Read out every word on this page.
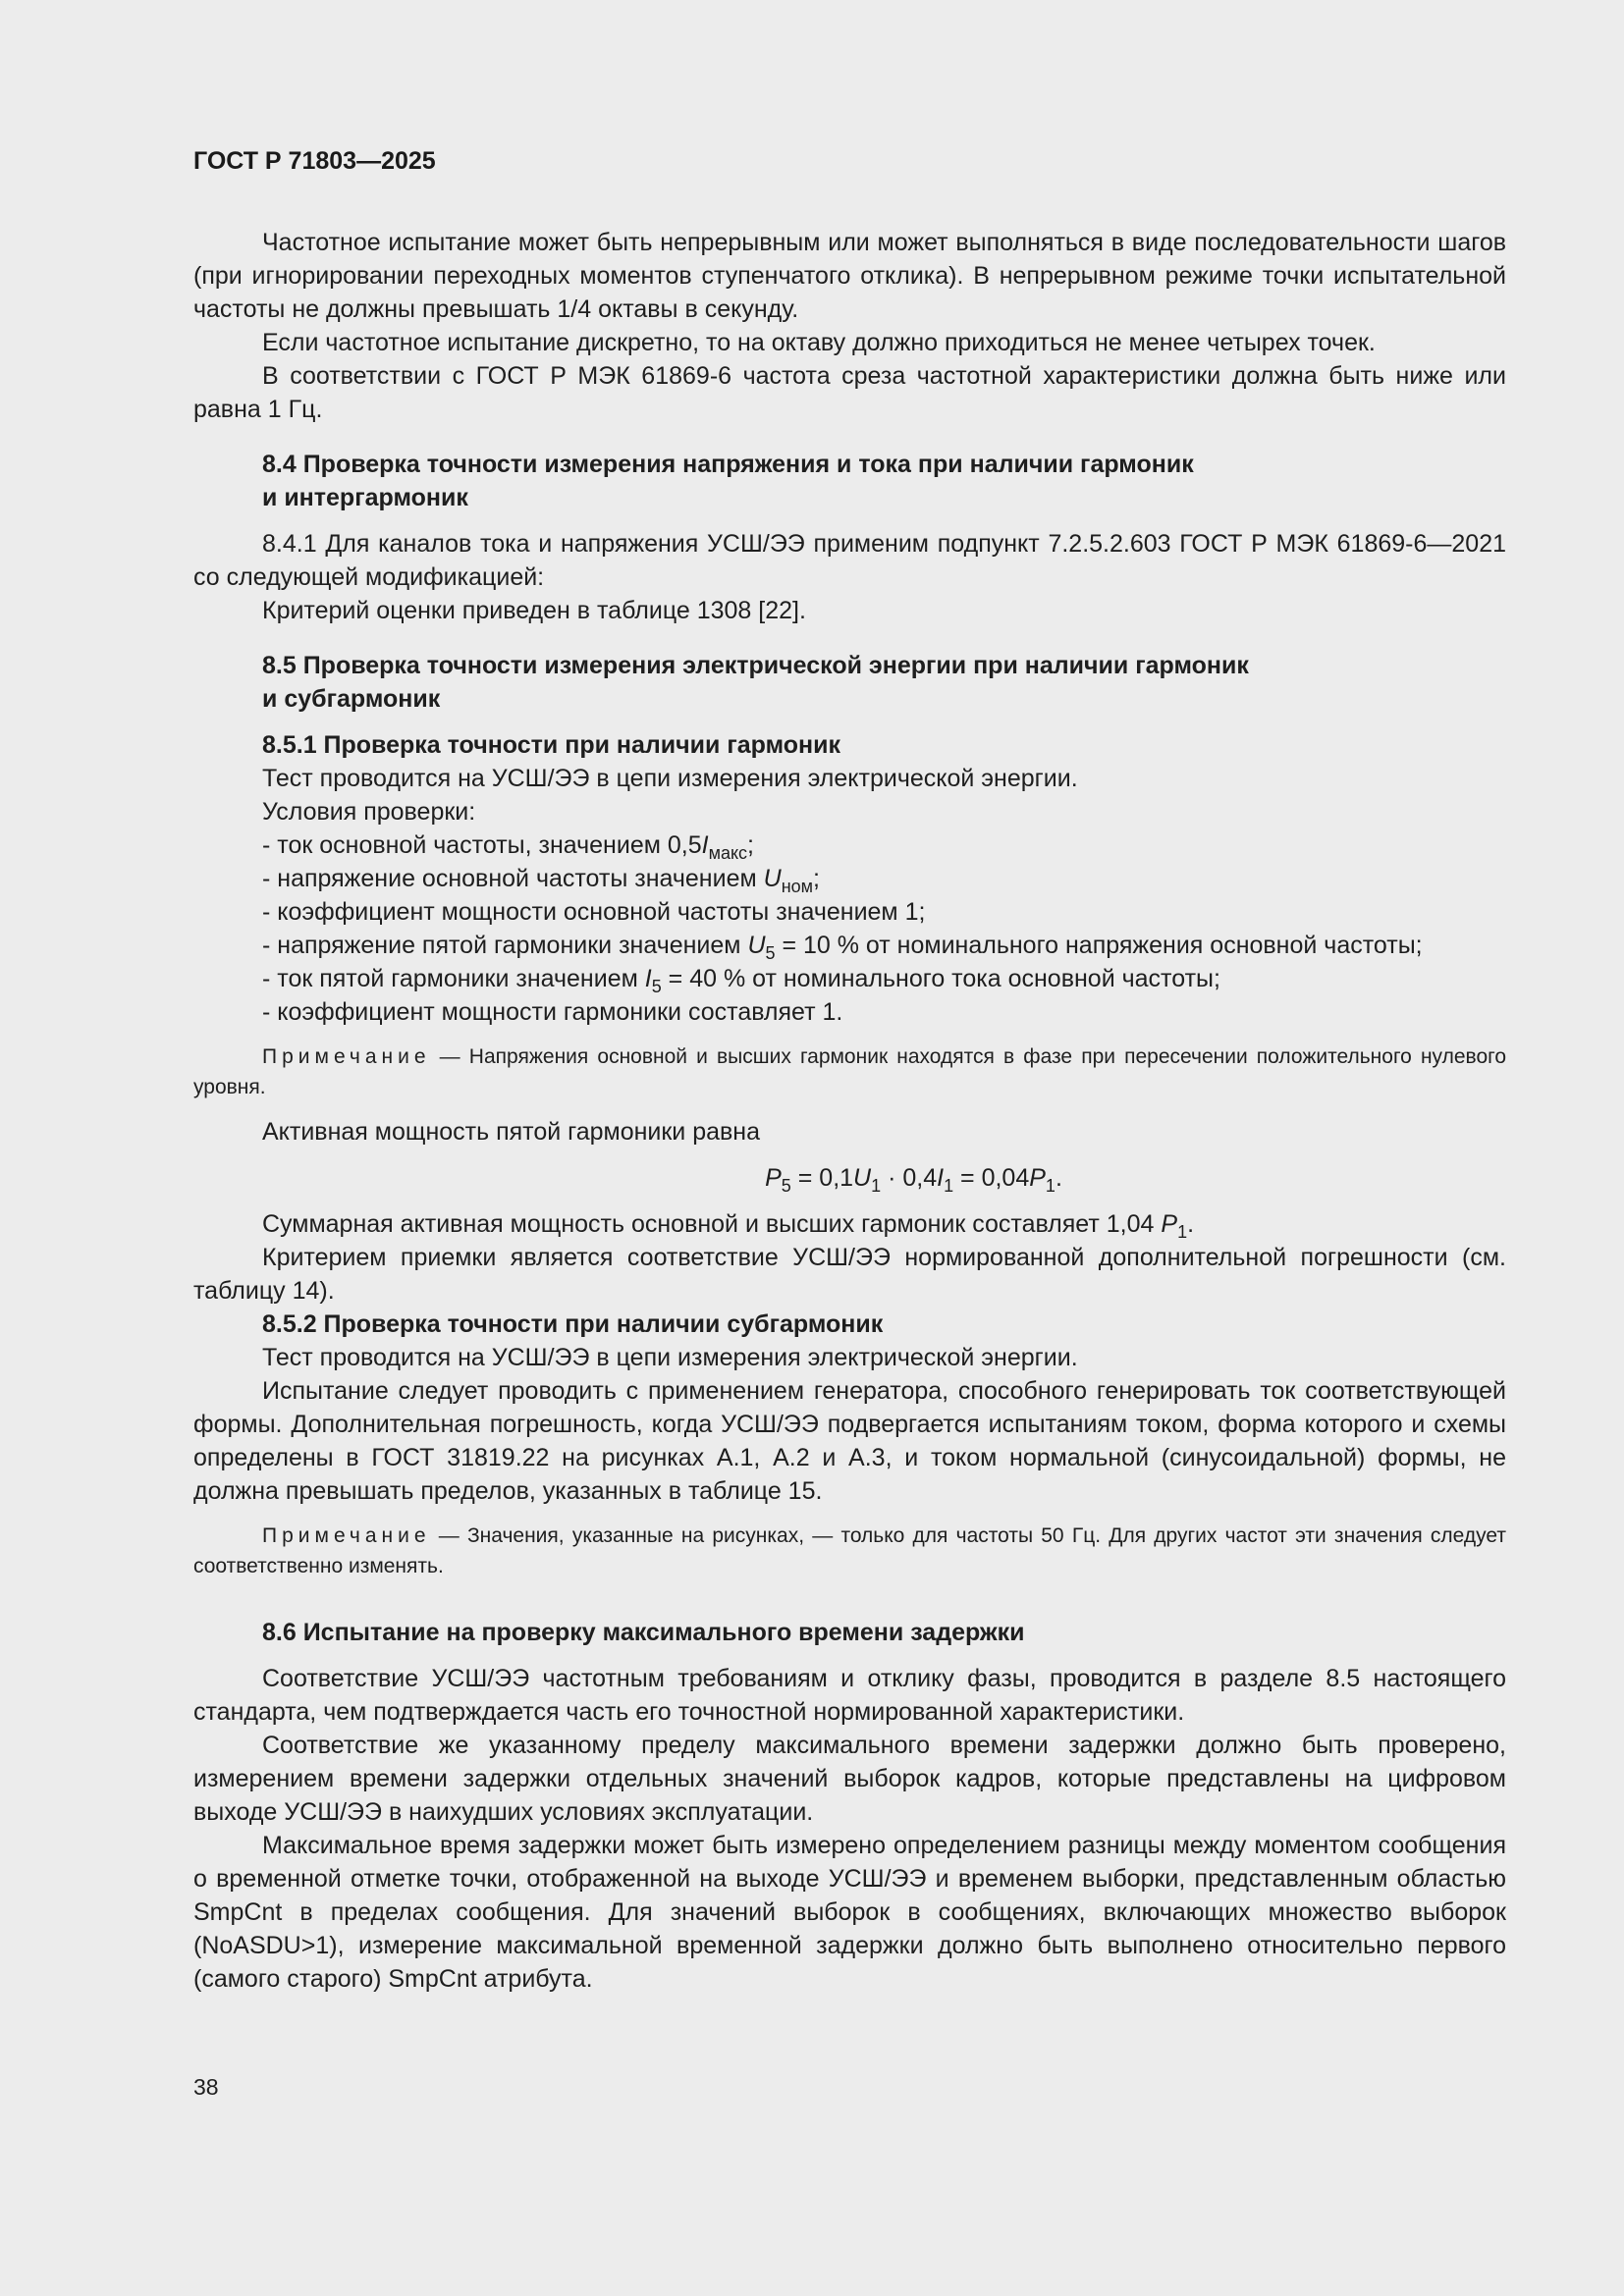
ГОСТ Р 71803—2025

Частотное испытание может быть непрерывным или может выполняться в виде последовательности шагов (при игнорировании переходных моментов ступенчатого отклика). В непрерывном режиме точки испытательной частоты не должны превышать 1/4 октавы в секунду.

Если частотное испытание дискретно, то на октаву должно приходиться не менее четырех точек.

В соответствии с ГОСТ Р МЭК 61869-6 частота среза частотной характеристики должна быть ниже или равна 1 Гц.

8.4 Проверка точности измерения напряжения и тока при наличии гармоник
и интергармоник

8.4.1 Для каналов тока и напряжения УСШ/ЭЭ применим подпункт 7.2.5.2.603 ГОСТ Р МЭК 61869-6—2021 со следующей модификацией:

Критерий оценки приведен в таблице 1308 [22].

8.5 Проверка точности измерения электрической энергии при наличии гармоник
и субгармоник
8.5.1 Проверка точности при наличии гармоник

Тест проводится на УСШ/ЭЭ в цепи измерения электрической энергии.

Условия проверки:

- ток основной частоты, значением $0,5I_{макс}$;

- напряжение основной частоты значением $U_{ном}$;

- коэффициент мощности основной частоты значением 1;

- напряжение пятой гармоники значением $U_5 = 10$ % от номинального напряжения основной частоты;

- ток пятой гармоники значением $I_5 = 40$ % от номинального тока основной частоты;

- коэффициент мощности гармоники составляет 1.

Примечание — Напряжения основной и высших гармоник находятся в фазе при пересечении положительного нулевого уровня.

Активная мощность пятой гармоники равна

$P_5 = 0,1U_1 \cdot 0,4I_1 = 0,04P_1$.

Суммарная активная мощность основной и высших гармоник составляет 1,04 $P_1$.

Критерием приемки является соответствие УСШ/ЭЭ нормированной дополнительной погрешности (см. таблицу 14).

8.5.2 Проверка точности при наличии субгармоник

Тест проводится на УСШ/ЭЭ в цепи измерения электрической энергии.

Испытание следует проводить с применением генератора, способного генерировать ток соответствующей формы. Дополнительная погрешность, когда УСШ/ЭЭ подвергается испытаниям током, форма которого и схемы определены в ГОСТ 31819.22 на рисунках А.1, А.2 и А.3, и током нормальной (синусоидальной) формы, не должна превышать пределов, указанных в таблице 15.

Примечание — Значения, указанные на рисунках, — только для частоты 50 Гц. Для других частот эти значения следует соответственно изменять.

8.6 Испытание на проверку максимального времени задержки

Соответствие УСШ/ЭЭ частотным требованиям и отклику фазы, проводится в разделе 8.5 настоящего стандарта, чем подтверждается часть его точностной нормированной характеристики.

Соответствие же указанному пределу максимального времени задержки должно быть проверено, измерением времени задержки отдельных значений выборок кадров, которые представлены на цифровом выходе УСШ/ЭЭ в наихудших условиях эксплуатации.

Максимальное время задержки может быть измерено определением разницы между моментом сообщения о временной отметке точки, отображенной на выходе УСШ/ЭЭ и временем выборки, представленным областью SmpCnt в пределах сообщения. Для значений выборок в сообщениях, включающих множество выборок (NoASDU>1), измерение максимальной временной задержки должно быть выполнено относительно первого (самого старого) SmpCnt атрибута.

38
